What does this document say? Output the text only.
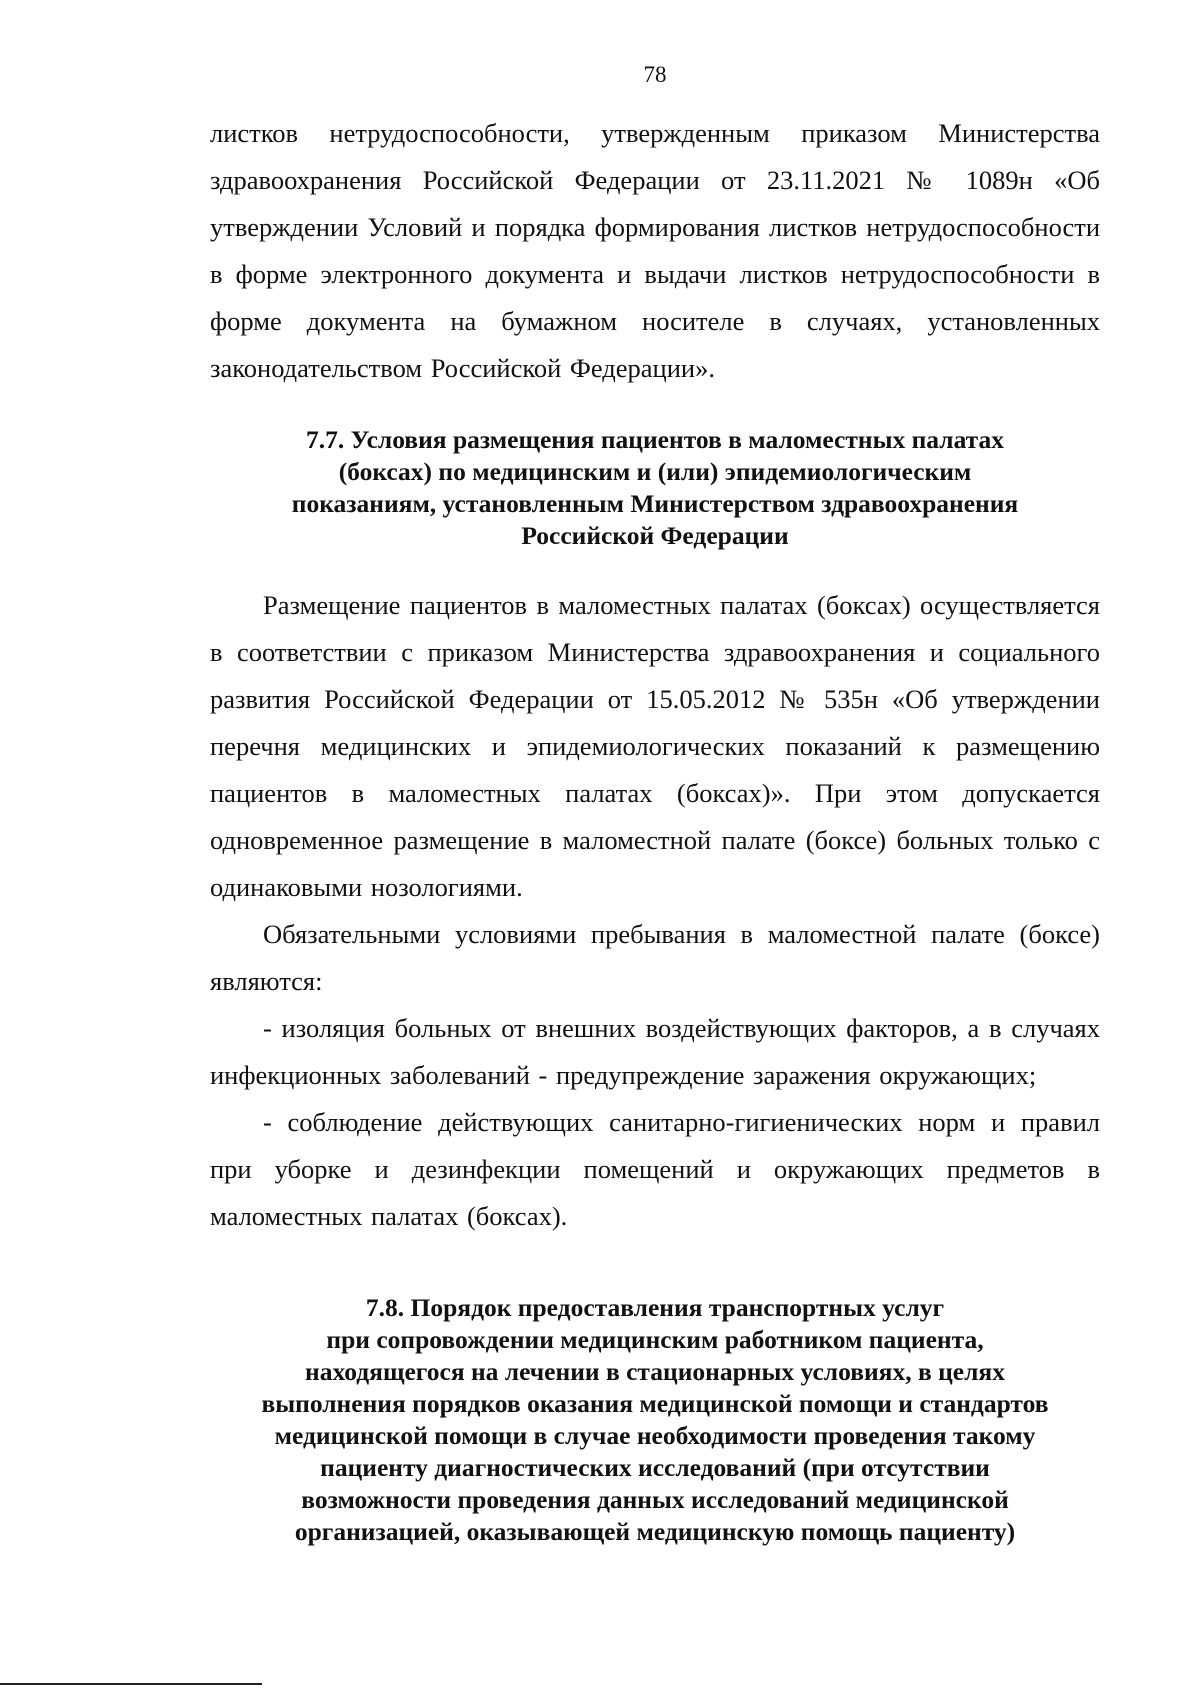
78

листков нетрудоспособности, утвержденным приказом Министерства здравоохранения Российской Федерации от 23.11.2021 № 1089н «Об утверждении Условий и порядка формирования листков нетрудоспособности в форме электронного документа и выдачи листков нетрудоспособности в форме документа на бумажном носителе в случаях, установленных законодательством Российской Федерации».

7.7. Условия размещения пациентов в маломестных палатах
(боксах) по медицинским и (или) эпидемиологическим
показаниям, установленным Министерством здравоохранения
Российской Федерации

Размещение пациентов в маломестных палатах (боксах) осуществляется в соответствии с приказом Министерства здравоохранения и социального развития Российской Федерации от 15.05.2012 № 535н «Об утверждении перечня медицинских и эпидемиологических показаний к размещению пациентов в маломестных палатах (боксах)». При этом допускается одновременное размещение в маломестной палате (боксе) больных только с одинаковыми нозологиями.

Обязательными условиями пребывания в маломестной палате (боксе) являются:

- изоляция больных от внешних воздействующих факторов, а в случаях инфекционных заболеваний - предупреждение заражения окружающих;

- соблюдение действующих санитарно-гигиенических норм и правил при уборке и дезинфекции помещений и окружающих предметов в маломестных палатах (боксах).

7.8. Порядок предоставления транспортных услуг
при сопровождении медицинским работником пациента,
находящегося на лечении в стационарных условиях, в целях
выполнения порядков оказания медицинской помощи и стандартов
медицинской помощи в случае необходимости проведения такому
пациенту диагностических исследований (при отсутствии
возможности проведения данных исследований медицинской
организацией, оказывающей медицинскую помощь пациенту)
